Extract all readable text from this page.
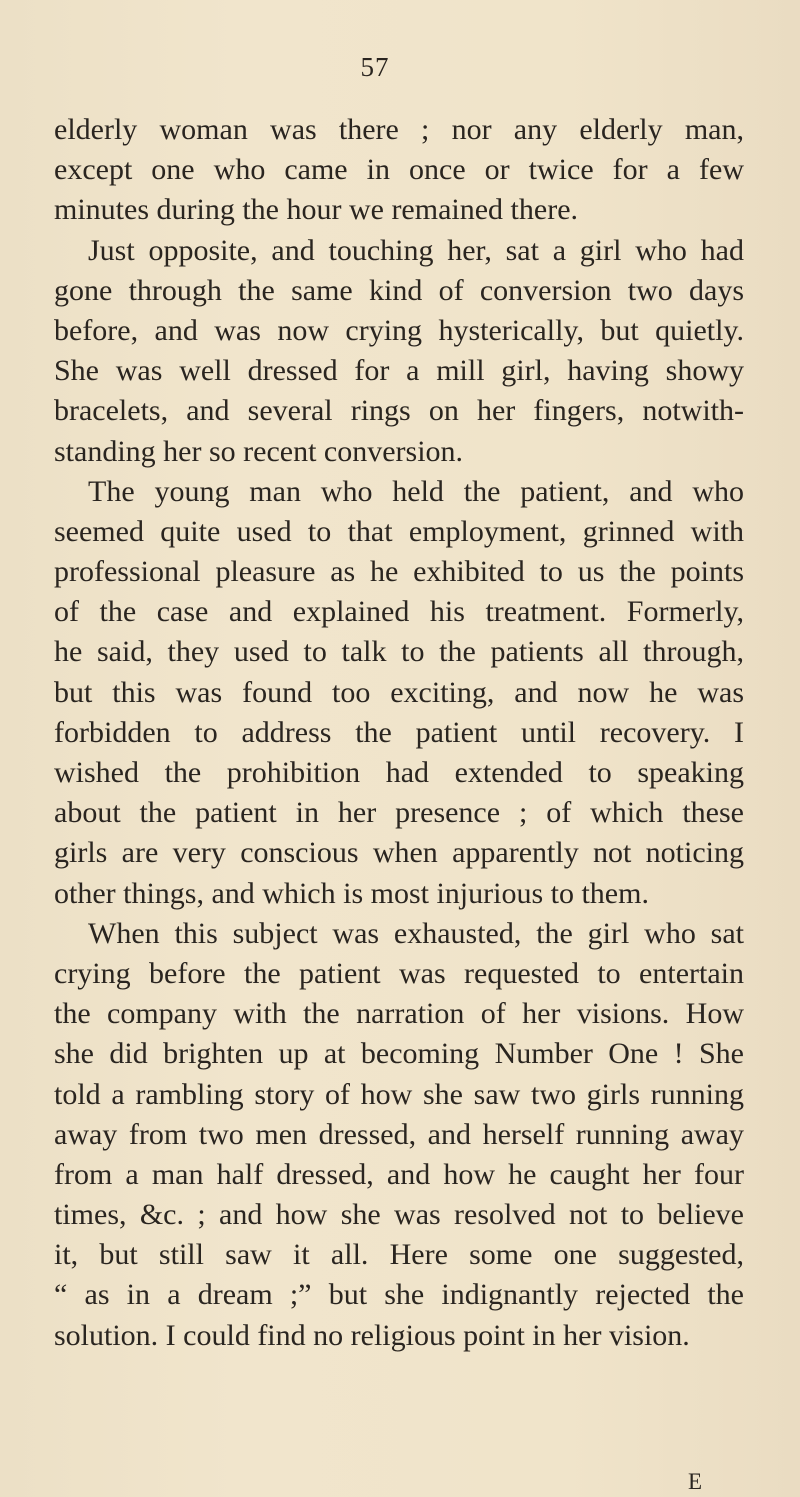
57
elderly woman was there ; nor any elderly man,
except one who came in once or twice for a few
minutes during the hour we remained there.
Just opposite, and touching her, sat a girl who had
gone through the same kind of conversion two days
before, and was now crying hysterically, but quietly.
She was well dressed for a mill girl, having showy
bracelets, and several rings on her fingers, notwith-
standing her so recent conversion.
The young man who held the patient, and who
seemed quite used to that employment, grinned with
professional pleasure as he exhibited to us the points
of the case and explained his treatment. Formerly,
he said, they used to talk to the patients all through,
but this was found too exciting, and now he was
forbidden to address the patient until recovery. I
wished the prohibition had extended to speaking
about the patient in her presence ; of which these
girls are very conscious when apparently not noticing
other things, and which is most injurious to them.
When this subject was exhausted, the girl who sat
crying before the patient was requested to entertain
the company with the narration of her visions. How
she did brighten up at becoming Number One ! She
told a rambling story of how she saw two girls running
away from two men dressed, and herself running away
from a man half dressed, and how he caught her four
times, &c. ; and how she was resolved not to believe
it, but still saw it all. Here some one suggested,
“ as in a dream ;” but she indignantly rejected the
solution. I could find no religious point in her vision.
E
